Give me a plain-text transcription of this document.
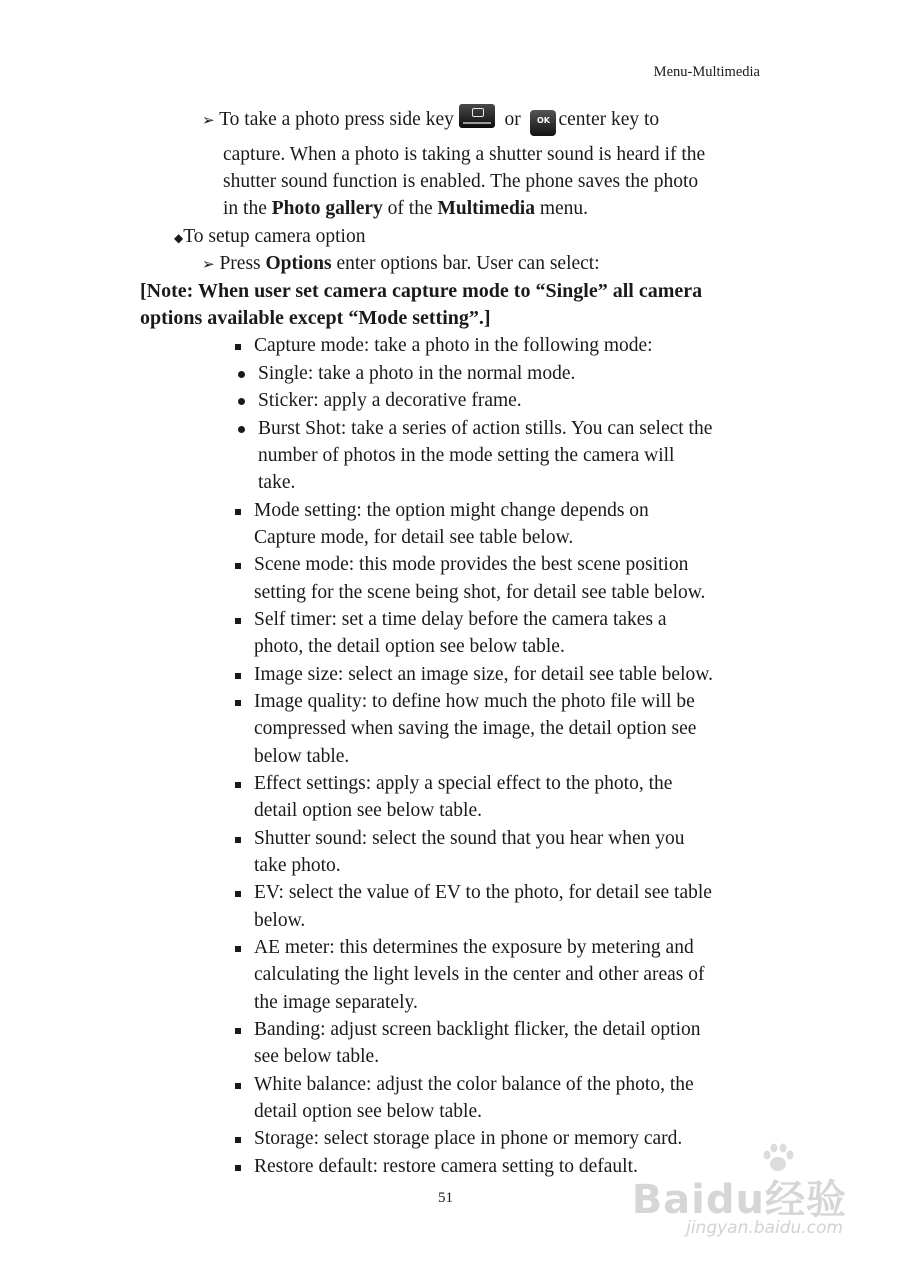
Menu-Multimedia
➢ To take a photo press side key	or OK center key to
capture. When a photo is taking a shutter sound is heard if the
shutter sound function is enabled. The phone saves the photo
in the Photo gallery of the Multimedia menu.
◆To setup camera option
➢ Press Options enter options bar. User can select:
[Note: When user set camera capture mode to “Single” all camera
options available except “Mode setting”.]
Capture mode: take a photo in the following mode:
Single: take a photo in the normal mode.
Sticker: apply a decorative frame.
Burst Shot: take a series of action stills. You can select the
number of photos in the mode setting the camera will
take.
Mode setting: the option might change depends on
Capture mode, for detail see table below.
Scene mode: this mode provides the best scene position
setting for the scene being shot, for detail see table below.
Self timer: set a time delay before the camera takes a
photo, the detail option see below table.
Image size: select an image size, for detail see table below.
Image quality: to define how much the photo file will be
compressed when saving the image, the detail option see
below table.
Effect settings: apply a special effect to the photo, the
detail option see below table.
Shutter sound: select the sound that you hear when you
take photo.
EV: select the value of EV to the photo, for detail see table
below.
AE meter: this determines the exposure by metering and
calculating the light levels in the center and other areas of
the image separately.
Banding: adjust screen backlight flicker, the detail option
see below table.
White balance: adjust the color balance of the photo, the
detail option see below table.
Storage: select storage place in phone or memory card.
Restore default: restore camera setting to default.
51	Baidu经验
jingyan.baidu.com
